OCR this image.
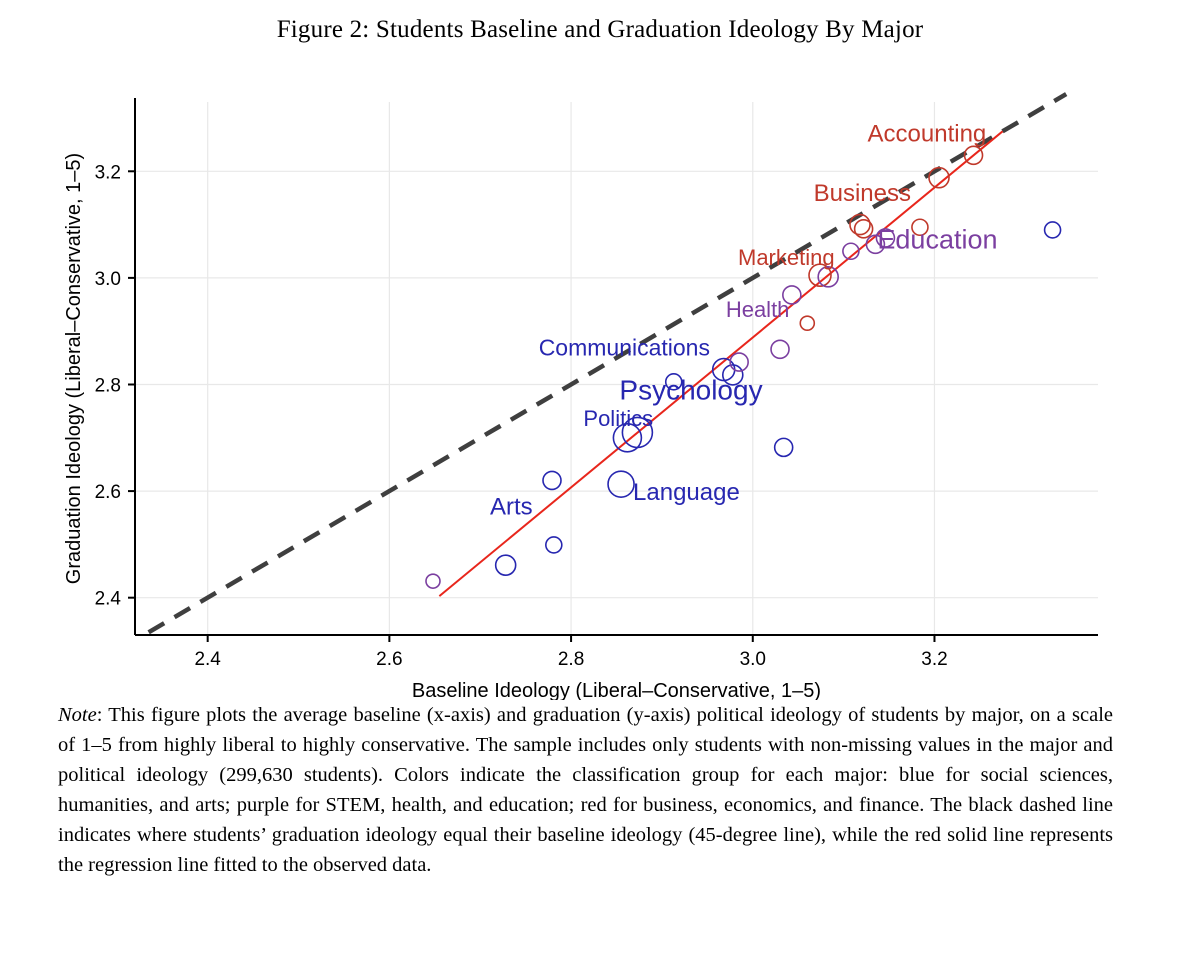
Figure 2: Students Baseline and Graduation Ideology By Major
Arts
Language
Politics
Psychology
Communications
Health
Marketing
Business
Education
Accounting
2.4	2.6	2.8	3.0	3.2
2.4
2.6
2.8
3.0
3.2
Graduation Ideology (Liberal–Conservative, 1–5)
Baseline Ideology (Liberal–Conservative, 1–5)
Note: This figure plots the average baseline (x-axis) and graduation (y-axis) political ideology of students by major, on a scale of 1–5 from highly liberal to highly conservative. The sample includes only students with non-missing values in the major and political ideology (299,630 students). Colors indicate the classification group for each major: blue for social sciences, humanities, and arts; purple for STEM, health, and education; red for business, economics, and finance. The black dashed line indicates where students’ graduation ideology equal their baseline ideology (45-degree line), while the red solid line represents the regression line fitted to the observed data.
